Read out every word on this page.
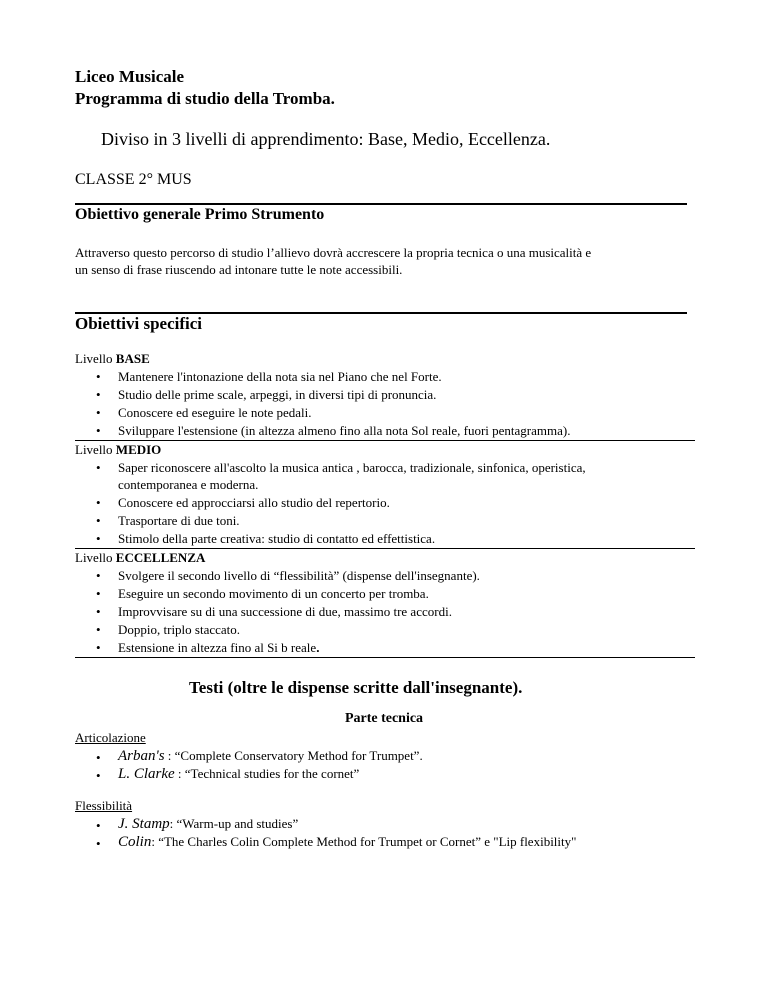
Liceo Musicale
Programma di studio della Tromba.
Diviso in 3 livelli di apprendimento: Base, Medio, Eccellenza.
CLASSE 2° MUS
Obiettivo generale Primo Strumento
Attraverso questo percorso di studio l’allievo dovrà accrescere la propria tecnica o una musicalità e
un senso di frase riuscendo ad intonare tutte le note accessibili.
Obiettivi specifici
Livello BASE
• Mantenere l'intonazione della nota sia nel Piano che nel Forte.
• Studio delle prime scale, arpeggi, in diversi tipi di pronuncia.
• Conoscere ed eseguire le note pedali.
• Sviluppare l'estensione (in altezza almeno fino alla nota Sol reale, fuori pentagramma).
Livello MEDIO
• Saper riconoscere all'ascolto la musica antica , barocca, tradizionale, sinfonica, operistica,
contemporanea e moderna.
• Conoscere ed approcciarsi allo studio del repertorio.
• Trasportare di due toni.
• Stimolo della parte creativa: studio di contatto ed effettistica.
Livello ECCELLENZA
• Svolgere il secondo livello di “flessibilità” (dispense dell'insegnante).
• Eseguire un secondo movimento di un concerto per tromba.
• Improvvisare su di una successione di due, massimo tre accordi.
• Doppio, triplo staccato.
• Estensione in altezza fino al Si b reale.
Testi (oltre le dispense scritte dall'insegnante).
Parte tecnica
Articolazione
• Arban's : “Complete Conservatory Method for Trumpet”.
• L. Clarke : “Technical studies for the cornet”
Flessibilità
• J. Stamp: “Warm-up and studies”
• Colin: “The Charles Colin Complete Method for Trumpet or Cornet” e "Lip flexibility"
